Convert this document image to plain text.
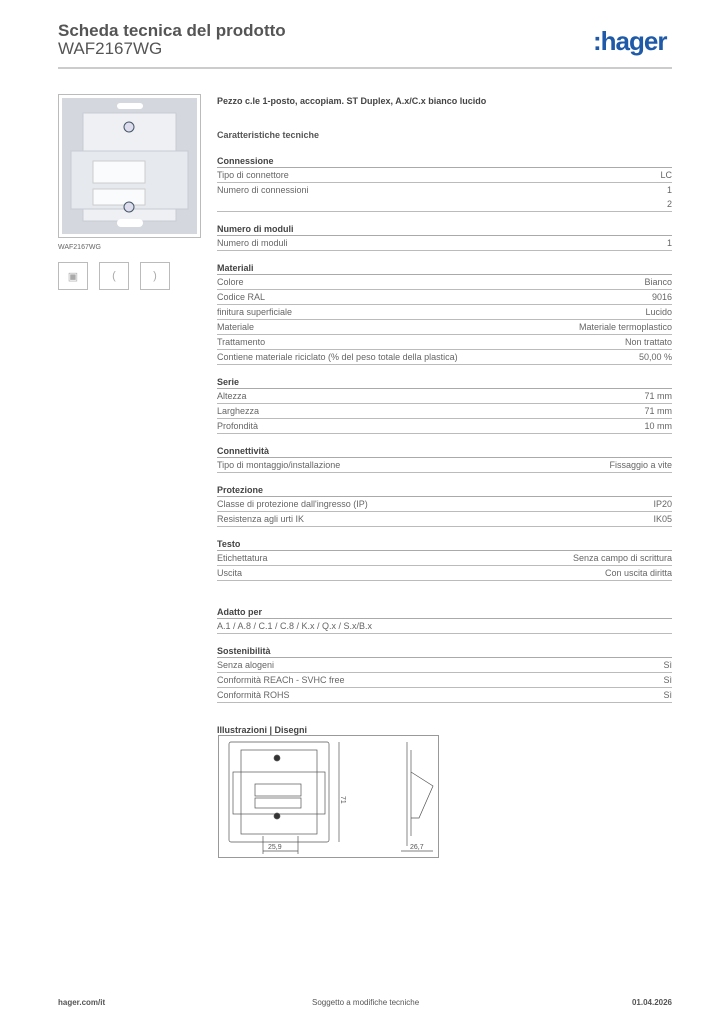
Scheda tecnica del prodotto
WAF2167WG	:hager
WAF2167WG
▣	(	)
Pezzo c.le 1-posto, accopiam. ST Duplex, A.x/C.x bianco lucido
Caratteristiche tecniche
Connessione
Tipo di connettore	LC
Numero di connessioni	1
2
Numero di moduli
Numero di moduli	1
Materiali
Colore	Bianco
Codice RAL	9016
finitura superficiale	Lucido
Materiale	Materiale termoplastico
Trattamento	Non trattato
Contiene materiale riciclato (% del peso totale della plastica)	50,00 %
Serie
Altezza	71 mm
Larghezza	71 mm
Profondità	10 mm
Connettività
Tipo di montaggio/installazione	Fissaggio a vite
Protezione
Classe di protezione dall'ingresso (IP)	IP20
Resistenza agli urti IK	IK05
Testo
Etichettatura	Senza campo di scrittura
Uscita	Con uscita diritta
Adatto per
A.1 / A.8 / C.1 / C.8 / K.x / Q.x / S.x/B.x
Sostenibilità
Senza alogeni	Sì
Conformità REACh - SVHC free	Sì
Conformità ROHS	Sì
Illustrazioni | Disegni
25,9
71
26,7
hager.com/it	Soggetto a modifiche tecniche	01.04.2026
